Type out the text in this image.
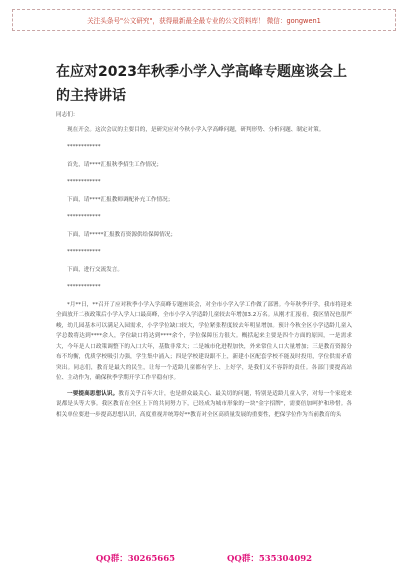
关注头条号"公文研究"，获得最新最全最专业的公文资料库！ 微信：gongwen1
在应对2023年秋季小学入学高峰专题座谈会上的主持讲话

同志们：

现在开会。这次会议的主要目的，是研究应对今秋小学入学高峰问题，研判形势、分析问题、制定对策。

************

首先，请****汇报秋季招生工作情况；

************

下面，请****汇报教师调配补充工作情况；

************

下面，请*****汇报教育资源供给保障情况；

************

下面，进行交流发言。

************

*月**日，**召开了应对秋季小学入学高峰专题座谈会，对全市小学入学工作做了部署。今年秋季开学，我市将迎来全面放开二孩政策后小学入学人口最高峰，全市小学入学适龄儿童较去年增加3.2万名。从刚才汇报看，我区情况也很严峻，幼儿园基本可以满足入园需求，小学学位缺口较大，学位紧张程度较去年明显增加。预计今秋全区小学适龄儿童入学总数将达到****余人，学位缺口将达到****余个，学位保障压力很大。概括起来主要是四个方面的原因，一是需求大，今年是人口政策调整下的入口大年，基数非常大；二是城市化进程加快，外来常住人口大量增加；三是教育资源分布不均衡，优质学校吸引力强，学生集中涌入；四是学校建设跟不上，新建小区配套学校不能及时投用，学位供需矛盾突出。同志们，教育是最大的民生，让每一个适龄儿童都有学上、上好学，是我们义不容辞的责任。各部门要提高站位、主动作为，确保秋季学期开学工作平稳有序。

一要提高思想认识。教育关乎百年大计，也是群众最关心、最关切的问题，特别是适龄儿童入学，对每一个家庭来说都是头等大事。我区教育在全区上下的共同努力下，已经成为城市形象的一块"金字招牌"，需要倍加呵护和珍惜。各相关单位要进一步提高思想认识，高度重视并统筹好**教育对全区高质量发展的重要性，把保学位作为当前教育的头

QQ群：30265665	QQ群：535304092
